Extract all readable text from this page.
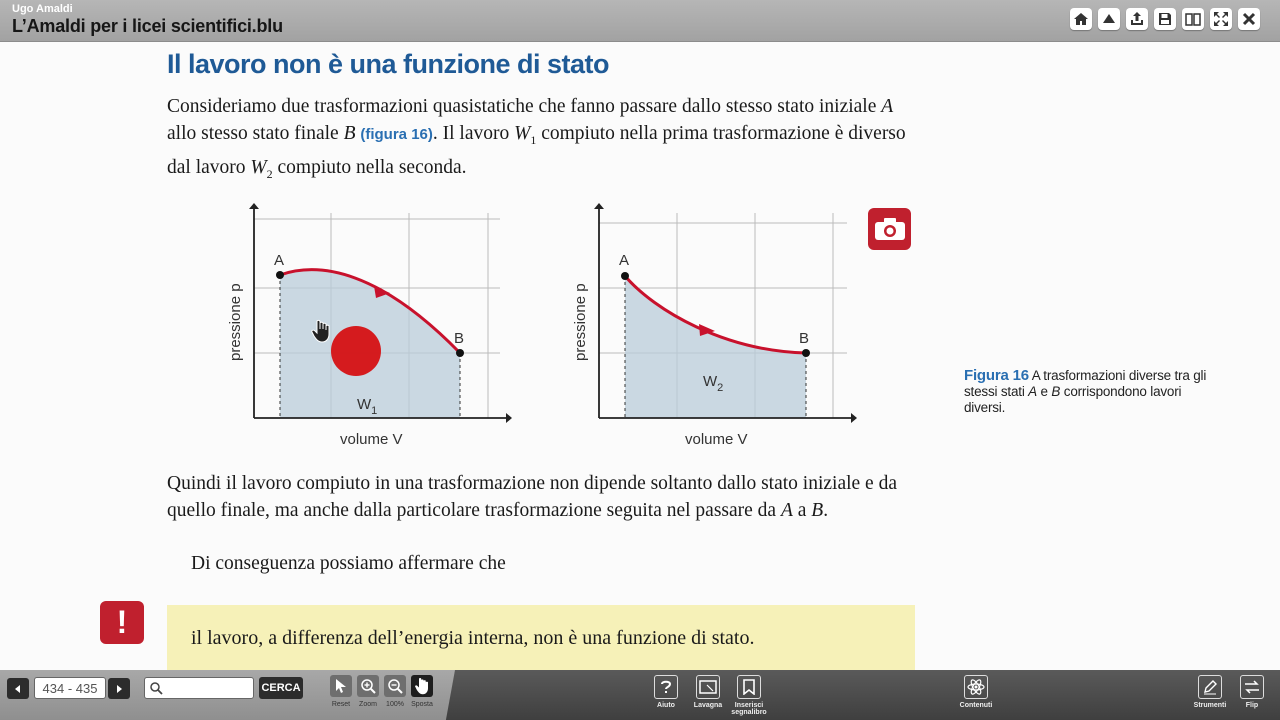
Ugo Amaldi
L’Amaldi per i licei scientifici.blu
Il lavoro non è una funzione di stato
Consideriamo due trasformazioni quasistatiche che fanno passare dallo stesso stato iniziale A allo stesso stato finale B (figura 16). Il lavoro $W_1$ compiuto nella prima trasformazione è diverso dal lavoro $W_2$ compiuto nella seconda.
A
B
$W_1$
volume V
pressione p
A
B
$W_2$
volume V
pressione p
Figura 16 A trasformazioni diverse tra gli stessi stati A e B corrispondono lavori diversi.
Quindi il lavoro compiuto in una trasformazione non dipende soltanto dallo stato iniziale e da quello finale, ma anche dalla particolare trasformazione seguita nel passare da A a B.
Di conseguenza possiamo affermare che
!	il lavoro, a differenza dell’energia interna, non è una funzione di stato.
434 - 435	CERCA
Reset	Zoom	100%	Sposta	Aiuto	Lavagna	Inserisci segnalibro
Contenuti	Strumenti	Flip
